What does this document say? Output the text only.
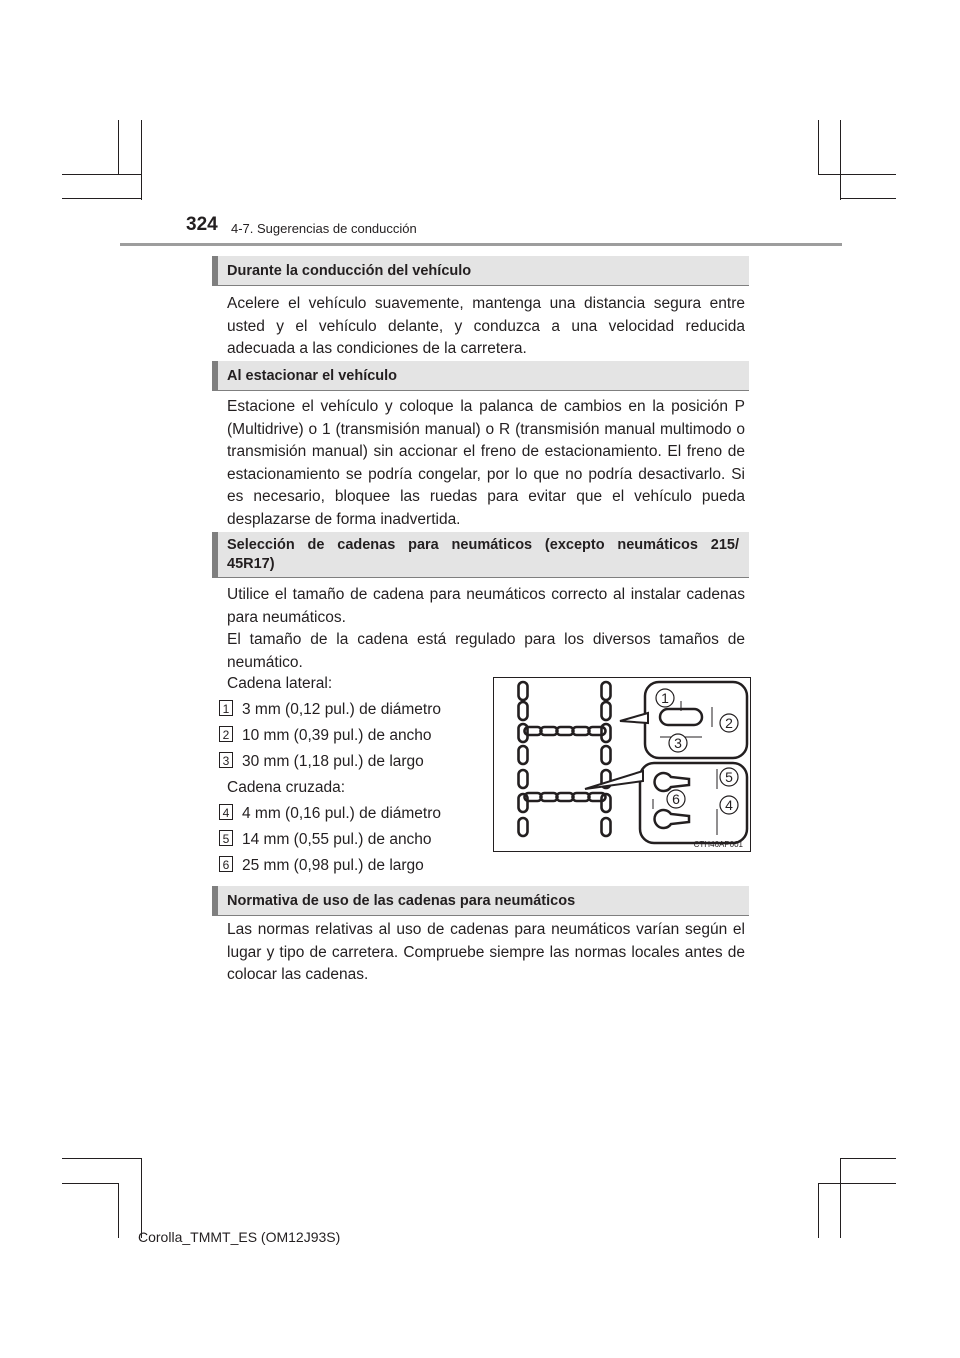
324 4-7. Sugerencias de conducción
Durante la conducción del vehículo
Acelere el vehículo suavemente, mantenga una distancia segura entre usted y el vehículo delante, y conduzca a una velocidad reducida adecuada a las condiciones de la carretera.
Al estacionar el vehículo
Estacione el vehículo y coloque la palanca de cambios en la posición P (Multidrive) o 1 (transmisión manual) o R (transmisión manual multimodo o transmisión manual) sin accionar el freno de estacionamiento. El freno de estacionamiento se podría congelar, por lo que no podría desactivarlo. Si es necesario, bloquee las ruedas para evitar que el vehículo pueda desplazarse de forma inadvertida.
Selección de cadenas para neumáticos (excepto neumáticos 215/ 45R17)
Utilice el tamaño de cadena para neumáticos correcto al instalar cadenas para neumáticos.
El tamaño de la cadena está regulado para los diversos tamaños de neumático.
Cadena lateral:
1 3 mm (0,12 pul.) de diámetro
2 10 mm (0,39 pul.) de ancho
3 30 mm (1,18 pul.) de largo
Cadena cruzada:
4 4 mm (0,16 pul.) de diámetro
5 14 mm (0,55 pul.) de ancho
6 25 mm (0,98 pul.) de largo
1
2
3
5
6	4
CTH46AP001
Normativa de uso de las cadenas para neumáticos
Las normas relativas al uso de cadenas para neumáticos varían según el lugar y tipo de carretera. Compruebe siempre las normas locales antes de colocar las cadenas.
Corolla_TMMT_ES (OM12J93S)
